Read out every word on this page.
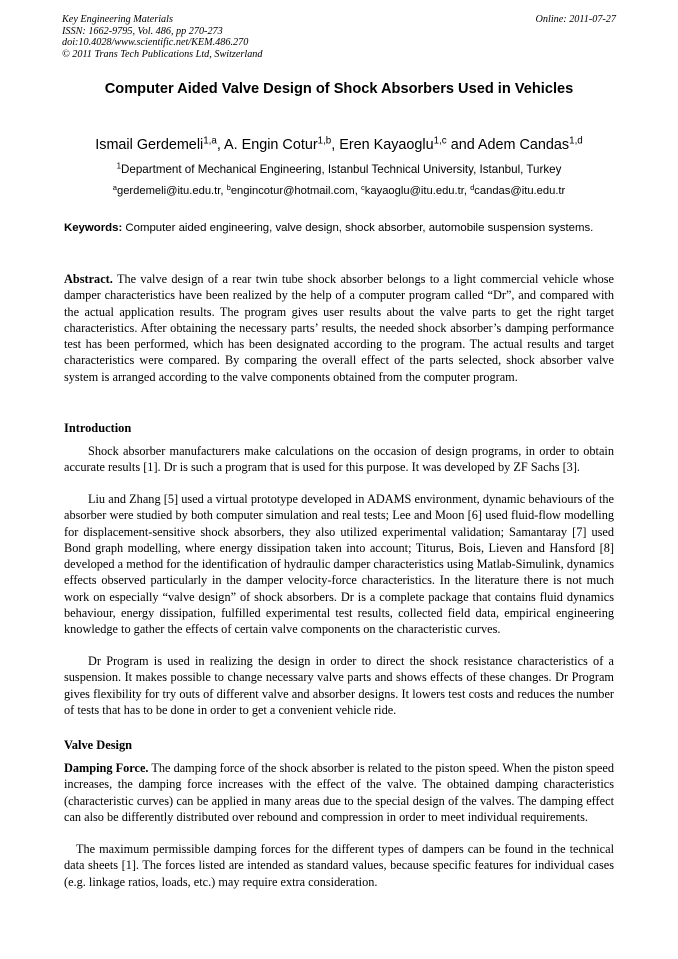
Key Engineering Materials
ISSN: 1662-9795, Vol. 486, pp 270-273
doi:10.4028/www.scientific.net/KEM.486.270
© 2011 Trans Tech Publications Ltd, Switzerland
Online: 2011-07-27
Computer Aided Valve Design of Shock Absorbers Used in Vehicles
Ismail Gerdemeli$^{1,a}$, A. Engin Cotur$^{1,b}$, Eren Kayaoglu$^{1,c}$ and Adem Candas$^{1,d}$
$^1$Department of Mechanical Engineering, Istanbul Technical University, Istanbul, Turkey
$^a$gerdemeli@itu.edu.tr, $^b$engincotur@hotmail.com, $^c$kayaoglu@itu.edu.tr, $^d$candas@itu.edu.tr
Keywords: Computer aided engineering, valve design, shock absorber, automobile suspension systems.

Abstract. The valve design of a rear twin tube shock absorber belongs to a light commercial vehicle whose damper characteristics have been realized by the help of a computer program called “Dr”, and compared with the actual application results. The program gives user results about the valve parts to get the right target characteristics. After obtaining the necessary parts’ results, the needed shock absorber’s damping performance test has been performed, which has been designated according to the program. The actual results and target characteristics were compared. By comparing the overall effect of the parts selected, shock absorber valve system is arranged according to the valve components obtained from the computer program.

Introduction

Shock absorber manufacturers make calculations on the occasion of design programs, in order to obtain accurate results [1]. Dr is such a program that is used for this purpose. It was developed by ZF Sachs [3].

Liu and Zhang [5] used a virtual prototype developed in ADAMS environment, dynamic behaviours of the absorber were studied by both computer simulation and real tests; Lee and Moon [6] used fluid-flow modelling for displacement-sensitive shock absorbers, they also utilized experimental validation; Samantaray [7] used Bond graph modelling, where energy dissipation taken into account; Titurus, Bois, Lieven and Hansford [8] developed a method for the identification of hydraulic damper characteristics using Matlab-Simulink, dynamics effects observed particularly in the damper velocity-force characteristics. In the literature there is not much work on especially “valve design” of shock absorbers. Dr is a complete package that contains fluid dynamics behaviour, energy dissipation, fulfilled experimental test results, collected field data, empirical engineering knowledge to gather the effects of certain valve components on the characteristic curves.

Dr Program is used in realizing the design in order to direct the shock resistance characteristics of a suspension. It makes possible to change necessary valve parts and shows effects of these changes. Dr Program gives flexibility for try outs of different valve and absorber designs. It lowers test costs and reduces the number of tests that has to be done in order to get a convenient vehicle ride.

Valve Design

Damping Force. The damping force of the shock absorber is related to the piston speed. When the piston speed increases, the damping force increases with the effect of the valve. The obtained damping characteristics (characteristic curves) can be applied in many areas due to the special design of the valves. The damping effect can also be differently distributed over rebound and compression in order to meet individual requirements.

The maximum permissible damping forces for the different types of dampers can be found in the technical data sheets [1]. The forces listed are intended as standard values, because specific features for individual cases (e.g. linkage ratios, loads, etc.) may require extra consideration.
